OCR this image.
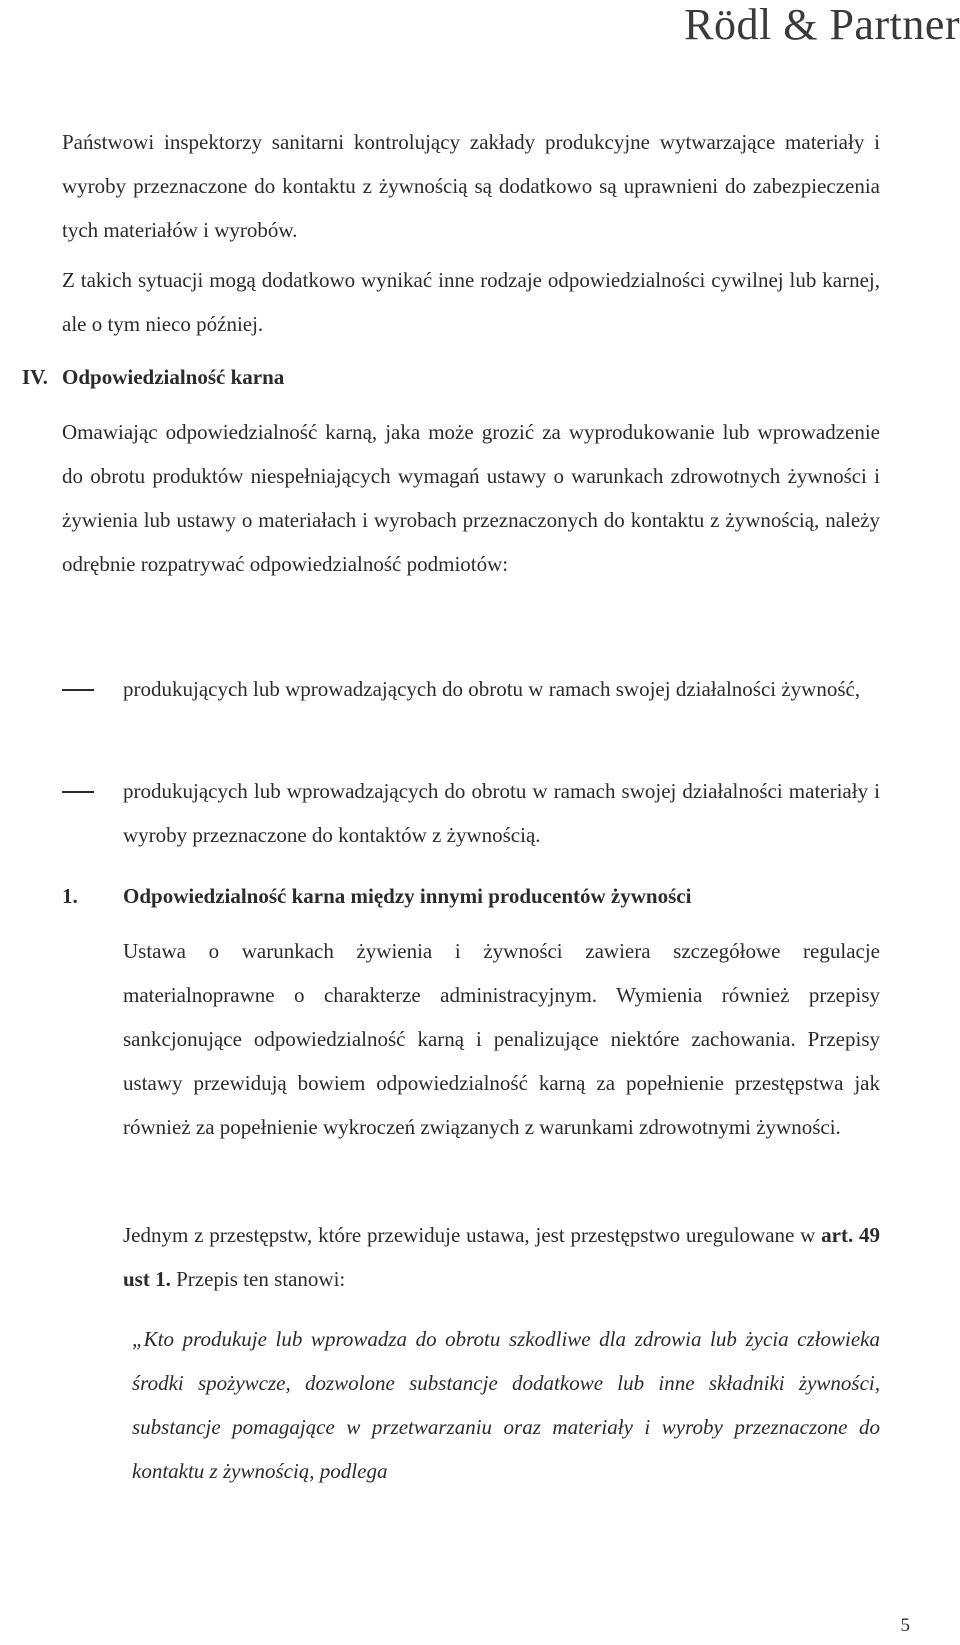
Rödl & Partner

Państwowi inspektorzy sanitarni kontrolujący zakłady produkcyjne wytwarzające materiały i wyroby przeznaczone do kontaktu z żywnością są dodatkowo są uprawnieni do zabezpieczenia tych materiałów i wyrobów.

Z takich sytuacji mogą dodatkowo wynikać inne rodzaje odpowiedzialności cywilnej lub karnej, ale o tym nieco później.

IV. Odpowiedzialność karna

Omawiając odpowiedzialność karną, jaka może grozić za wyprodukowanie lub wprowadzenie do obrotu produktów niespełniających wymagań ustawy o warunkach zdrowotnych żywności i żywienia lub ustawy o materiałach i wyrobach przeznaczonych do kontaktu z żywnością, należy odrębnie rozpatrywać odpowiedzialność podmiotów:

produkujących lub wprowadzających do obrotu w ramach swojej działalności żywność,

produkujących lub wprowadzających do obrotu w ramach swojej działalności materiały i wyroby przeznaczone do kontaktów z żywnością.

1. Odpowiedzialność karna między innymi producentów żywności

Ustawa o warunkach żywienia i żywności zawiera szczegółowe regulacje materialnoprawne o charakterze administracyjnym. Wymienia również przepisy sankcjonujące odpowiedzialność karną i penalizujące niektóre zachowania. Przepisy ustawy przewidują bowiem odpowiedzialność karną za popełnienie przestępstwa jak również za popełnienie wykroczeń związanych z warunkami zdrowotnymi żywności.

Jednym z przestępstw, które przewiduje ustawa, jest przestępstwo uregulowane w art. 49 ust 1. Przepis ten stanowi:

„Kto produkuje lub wprowadza do obrotu szkodliwe dla zdrowia lub życia człowieka środki spożywcze, dozwolone substancje dodatkowe lub inne składniki żywności, substancje pomagające w przetwarzaniu oraz materiały i wyroby przeznaczone do kontaktu z żywnością, podlega

5
